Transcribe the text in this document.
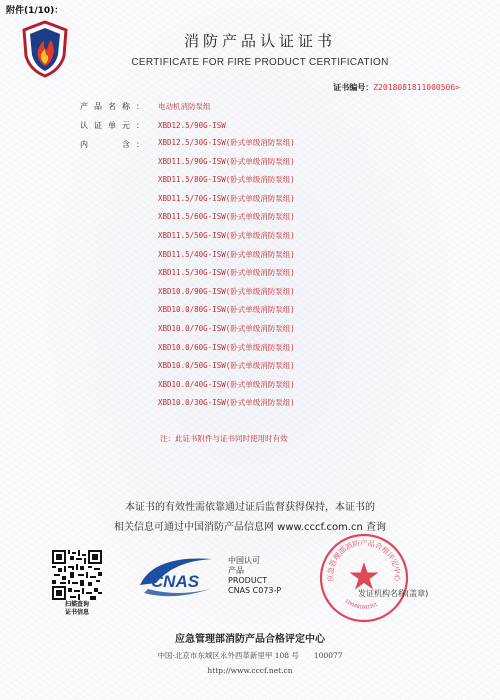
附件(1/10)：
消防产品认证证书
CERTIFICATE FOR FIRE PRODUCT CERTIFICATION
证书编号：Z2018081811000506>
产品名称： 电动机消防泵组
认证单元： XBD12.5/90G-ISW
内　　含：	XBD12.5/30G-ISW(卧式单级消防泵组)
XBD11.5/90G-ISW(卧式单级消防泵组)
XBD11.5/80G-ISW(卧式单级消防泵组)
XBD11.5/70G-ISW(卧式单级消防泵组)
XBD11.5/60G-ISW(卧式单级消防泵组)
XBD11.5/50G-ISW(卧式单级消防泵组)
XBD11.5/40G-ISW(卧式单级消防泵组)
XBD11.5/30G-ISW(卧式单级消防泵组)
XBD10.0/90G-ISW(卧式单级消防泵组)
XBD10.0/80G-ISW(卧式单级消防泵组)
XBD10.0/70G-ISW(卧式单级消防泵组)
XBD10.0/60G-ISW(卧式单级消防泵组)
XBD10.0/50G-ISW(卧式单级消防泵组)
XBD10.0/40G-ISW(卧式单级消防泵组)
XBD10.0/30G-ISW(卧式单级消防泵组)
注：此证书附件与证书同时使用时有效
本证书的有效性需依靠通过证后监督获得保持，本证书的
相关信息可通过中国消防产品信息网 www.cccf.com.cn 查询
扫描查询
证书信息
CNAS
中国认可
产品
PRODUCT
CNAS C073-P
应急管理部消防产品合格评定中心
1101081082551
发证机构名称(盖章)
应急管理部消防产品合格评定中心
中国·北京市东城区永外西革新里甲 108 号　　100077
http://www.cccf.net.cn
